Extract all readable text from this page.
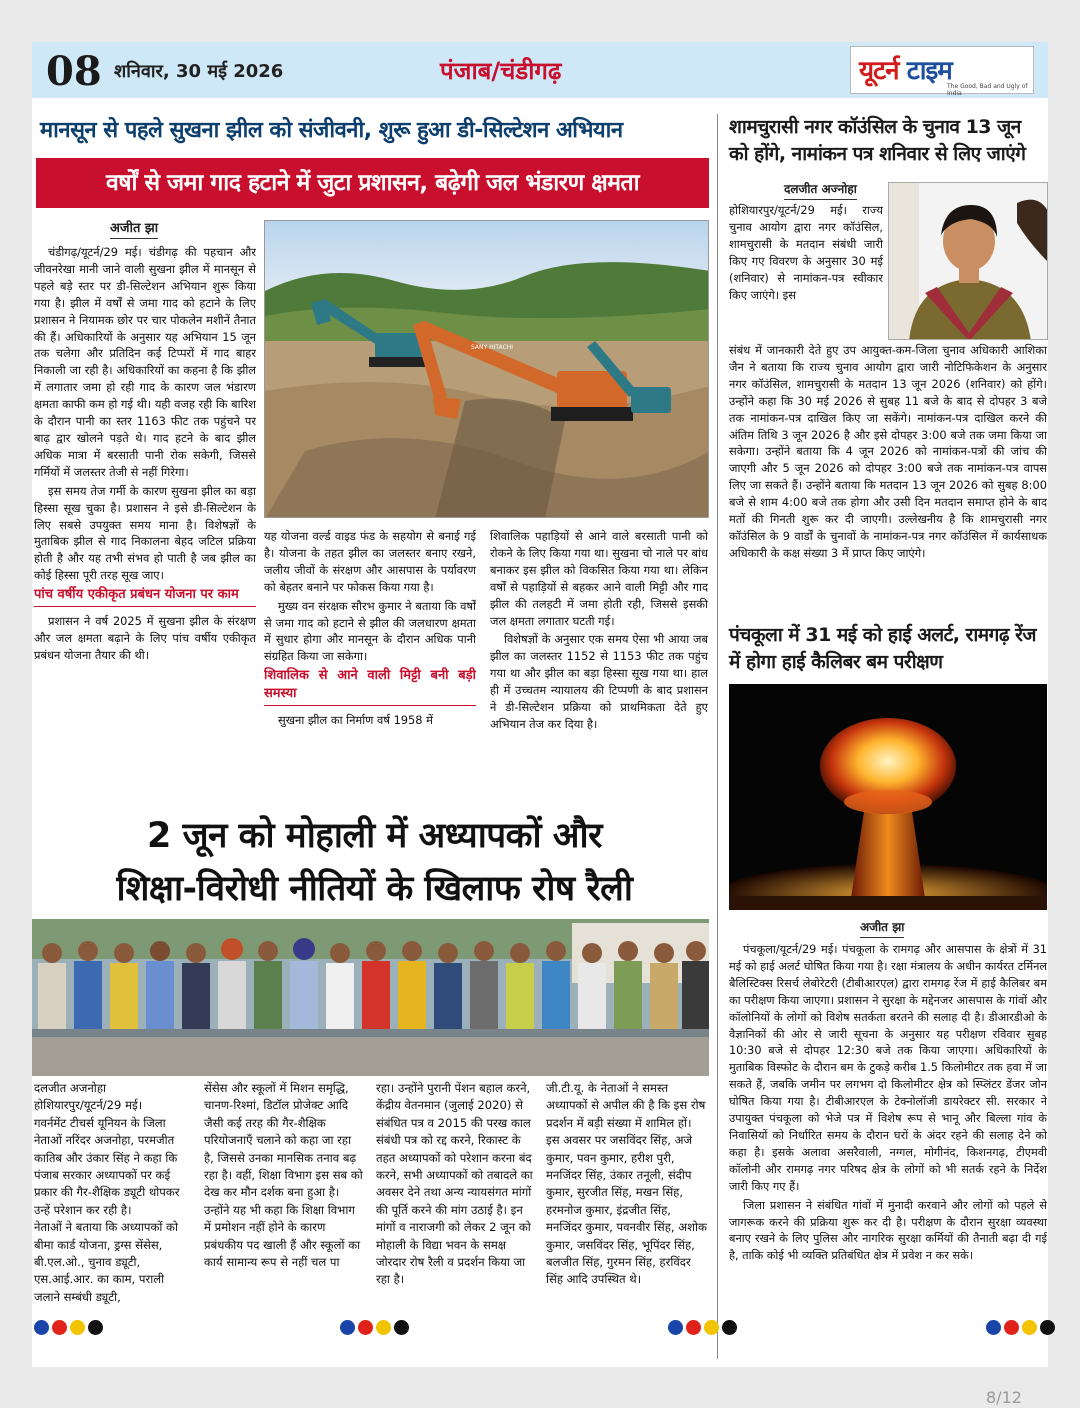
08 शनिवार, 30 मई 2026	पंजाब/चंडीगढ़	यूटर्न टाइम
The Good, Bad and Ugly of India
मानसून से पहले सुखना झील को संजीवनी, शुरू हुआ डी-सिल्टेशन अभियान
वर्षों से जमा गाद हटाने में जुटा प्रशासन, बढ़ेगी जल भंडारण क्षमता
अजीत झा

चंडीगढ़/यूटर्न/29 मई। चंडीगढ़ की पहचान और जीवनरेखा मानी जाने वाली सुखना झील में मानसून से पहले बड़े स्तर पर डी-सिल्टेशन अभियान शुरू किया गया है। झील में वर्षों से जमा गाद को हटाने के लिए प्रशासन ने नियामक छोर पर चार पोकलेन मशीनें तैनात की हैं। अधिकारियों के अनुसार यह अभियान 15 जून तक चलेगा और प्रतिदिन कई टिप्परों में गाद बाहर निकाली जा रही है। अधिकारियों का कहना है कि झील में लगातार जमा हो रही गाद के कारण जल भंडारण क्षमता काफी कम हो गई थी। यही वजह रही कि बारिश के दौरान पानी का स्तर 1163 फीट तक पहुंचने पर बाढ़ द्वार खोलने पड़ते थे। गाद हटने के बाद झील अधिक मात्रा में बरसाती पानी रोक सकेगी, जिससे गर्मियों में जलस्तर तेजी से नहीं गिरेगा।

इस समय तेज गर्मी के कारण सुखना झील का बड़ा हिस्सा सूख चुका है। प्रशासन ने इसे डी-सिल्टेशन के लिए सबसे उपयुक्त समय माना है। विशेषज्ञों के मुताबिक झील से गाद निकालना बेहद जटिल प्रक्रिया होती है और यह तभी संभव हो पाती है जब झील का कोई हिस्सा पूरी तरह सूख जाए।

पांच वर्षीय एकीकृत प्रबंधन योजना पर काम

प्रशासन ने वर्ष 2025 में सुखना झील के संरक्षण और जल क्षमता बढ़ाने के लिए पांच वर्षीय एकीकृत प्रबंधन योजना तैयार की थी।

SANY HITACHI

यह योजना वर्ल्ड वाइड फंड के सहयोग से बनाई गई है। योजना के तहत झील का जलस्तर बनाए रखने, जलीय जीवों के संरक्षण और आसपास के पर्यावरण को बेहतर बनाने पर फोकस किया गया है।

मुख्य वन संरक्षक सौरभ कुमार ने बताया कि वर्षों से जमा गाद को हटाने से झील की जलधारण क्षमता में सुधार होगा और मानसून के दौरान अधिक पानी संग्रहित किया जा सकेगा।

शिवालिक से आने वाली मिट्टी बनी बड़ी समस्या

सुखना झील का निर्माण वर्ष 1958 में

शिवालिक पहाड़ियों से आने वाले बरसाती पानी को रोकने के लिए किया गया था। सुखना चो नाले पर बांध बनाकर इस झील को विकसित किया गया था। लेकिन वर्षों से पहाड़ियों से बहकर आने वाली मिट्टी और गाद झील की तलहटी में जमा होती रही, जिससे इसकी जल क्षमता लगातार घटती गई।

विशेषज्ञों के अनुसार एक समय ऐसा भी आया जब झील का जलस्तर 1152 से 1153 फीट तक पहुंच गया था और झील का बड़ा हिस्सा सूख गया था। हाल ही में उच्चतम न्यायालय की टिप्पणी के बाद प्रशासन ने डी-सिल्टेशन प्रक्रिया को प्राथमिकता देते हुए अभियान तेज कर दिया है।

शामचुरासी नगर कॉउंसिल के चुनाव 13 जून को होंगे, नामांकन पत्र शनिवार से लिए जाएंगे
दलजीत अज्नोहा

होशियारपुर/यूटर्न/29 मई। राज्य चुनाव आयोग द्वारा नगर कॉउंसिल, शामचुरासी के मतदान संबंधी जारी किए गए विवरण के अनुसार 30 मई (शनिवार) से नामांकन-पत्र स्वीकार किए जाएंगे। इस

संबंध में जानकारी देते हुए उप आयुक्त-कम-जिला चुनाव अधिकारी आशिका जैन ने बताया कि राज्य चुनाव आयोग द्वारा जारी नोटिफिकेशन के अनुसार नगर कॉउंसिल, शामचुरासी के मतदान 13 जून 2026 (शनिवार) को होंगे। उन्होंने कहा कि 30 मई 2026 से सुबह 11 बजे के बाद से दोपहर 3 बजे तक नामांकन-पत्र दाखिल किए जा सकेंगे। नामांकन-पत्र दाखिल करने की अंतिम तिथि 3 जून 2026 है और इसे दोपहर 3:00 बजे तक जमा किया जा सकेगा। उन्होंने बताया कि 4 जून 2026 को नामांकन-पत्रों की जांच की जाएगी और 5 जून 2026 को दोपहर 3:00 बजे तक नामांकन-पत्र वापस लिए जा सकते हैं। उन्होंने बताया कि मतदान 13 जून 2026 को सुबह 8:00 बजे से शाम 4:00 बजे तक होगा और उसी दिन मतदान समाप्त होने के बाद मतों की गिनती शुरू कर दी जाएगी। उल्लेखनीय है कि शामचुरासी नगर कॉउंसिल के 9 वार्डों के चुनावों के नामांकन-पत्र नगर कॉउंसिल में कार्यसाधक अधिकारी के कक्ष संख्या 3 में प्राप्त किए जाएंगे।

पंचकूला में 31 मई को हाई अलर्ट, रामगढ़ रेंज में होगा हाई कैलिबर बम परीक्षण
अजीत झा

पंचकूला/यूटर्न/29 मई। पंचकूला के रामगढ़ और आसपास के क्षेत्रों में 31 मई को हाई अलर्ट घोषित किया गया है। रक्षा मंत्रालय के अधीन कार्यरत टर्मिनल बैलिस्टिक्स रिसर्च लेबोरेटरी (टीबीआरएल) द्वारा रामगढ़ रेंज में हाई कैलिबर बम का परीक्षण किया जाएगा। प्रशासन ने सुरक्षा के मद्देनजर आसपास के गांवों और कॉलोनियों के लोगों को विशेष सतर्कता बरतने की सलाह दी है। डीआरडीओ के वैज्ञानिकों की ओर से जारी सूचना के अनुसार यह परीक्षण रविवार सुबह 10:30 बजे से दोपहर 12:30 बजे तक किया जाएगा। अधिकारियों के मुताबिक विस्फोट के दौरान बम के टुकड़े करीब 1.5 किलोमीटर तक हवा में जा सकते हैं, जबकि जमीन पर लगभग दो किलोमीटर क्षेत्र को स्प्लिंटर डेंजर जोन घोषित किया गया है। टीबीआरएल के टेक्नोलॉजी डायरेक्टर सी. सरकार ने उपायुक्त पंचकूला को भेजे पत्र में विशेष रूप से भानू और बिल्ला गांव के निवासियों को निर्धारित समय के दौरान घरों के अंदर रहने की सलाह देने को कहा है। इसके अलावा असरैवाली, नग्गल, मोगीनंद, किशनगढ़, टीएमवी कॉलोनी और रामगढ़ नगर परिषद क्षेत्र के लोगों को भी सतर्क रहने के निर्देश जारी किए गए हैं।

जिला प्रशासन ने संबंधित गांवों में मुनादी करवाने और लोगों को पहले से जागरूक करने की प्रक्रिया शुरू कर दी है। परीक्षण के दौरान सुरक्षा व्यवस्था बनाए रखने के लिए पुलिस और नागरिक सुरक्षा कर्मियों की तैनाती बढ़ा दी गई है, ताकि कोई भी व्यक्ति प्रतिबंधित क्षेत्र में प्रवेश न कर सके।

2 जून को मोहाली में अध्यापकों और
शिक्षा-विरोधी नीतियों के खिलाफ रोष रैली
दलजीत अजनोहा
होशियारपुर/यूटर्न/29 मई।
गवर्नमेंट टीचर्स यूनियन के जिला नेताओं नरिंदर अजनोहा, परमजीत कातिब और उंकार सिंह ने कहा कि पंजाब सरकार अध्यापकों पर कई प्रकार की गैर-शैक्षिक ड्यूटी थोपकर उन्हें परेशान कर रही है।
नेताओं ने बताया कि अध्यापकों को बीमा कार्ड योजना, ड्रग्स सेंसेस, बी.एल.ओ., चुनाव ड्यूटी, एस.आई.आर. का काम, पराली जलाने सम्बंधी ड्यूटी,
सेंसेस और स्कूलों में मिशन समृद्धि, चानण-रिश्मां, डिटॉल प्रोजेक्ट आदि जैसी कई तरह की गैर-शैक्षिक परियोजनाएँ चलाने को कहा जा रहा है, जिससे उनका मानसिक तनाव बढ़ रहा है। वहीं, शिक्षा विभाग इस सब को देख कर मौन दर्शक बना हुआ है।
उन्होंने यह भी कहा कि शिक्षा विभाग में प्रमोशन नहीं होने के कारण प्रबंधकीय पद खाली हैं और स्कूलों का कार्य सामान्य रूप से नहीं चल पा
रहा। उन्होंने पुरानी पेंशन बहाल करने, केंद्रीय वेतनमान (जुलाई 2020) से संबंधित पत्र व 2015 की परख काल संबंधी पत्र को रद्द करने, रिकास्ट के तहत अध्यापकों को परेशान करना बंद करने, सभी अध्यापकों को तबादले का अवसर देने तथा अन्य न्यायसंगत मांगों की पूर्ति करने की मांग उठाई है। इन मांगों व नाराजगी को लेकर 2 जून को मोहाली के विद्या भवन के समक्ष जोरदार रोष रैली व प्रदर्शन किया जा रहा है।
जी.टी.यू. के नेताओं ने समस्त अध्यापकों से अपील की है कि इस रोष प्रदर्शन में बड़ी संख्या में शामिल हों।
इस अवसर पर जसविंदर सिंह, अजे कुमार, पवन कुमार, हरीश पुरी, मनजिंदर सिंह, उंकार तनूली, संदीप कुमार, सुरजीत सिंह, मखन सिंह, हरमनोज कुमार, इंद्रजीत सिंह, मनजिंदर कुमार, पवनवीर सिंह, अशोक कुमार, जसविंदर सिंह, भूपिंदर सिंह, बलजीत सिंह, गुरमन सिंह, हरविंदर सिंह आदि उपस्थित थे।
8/12
